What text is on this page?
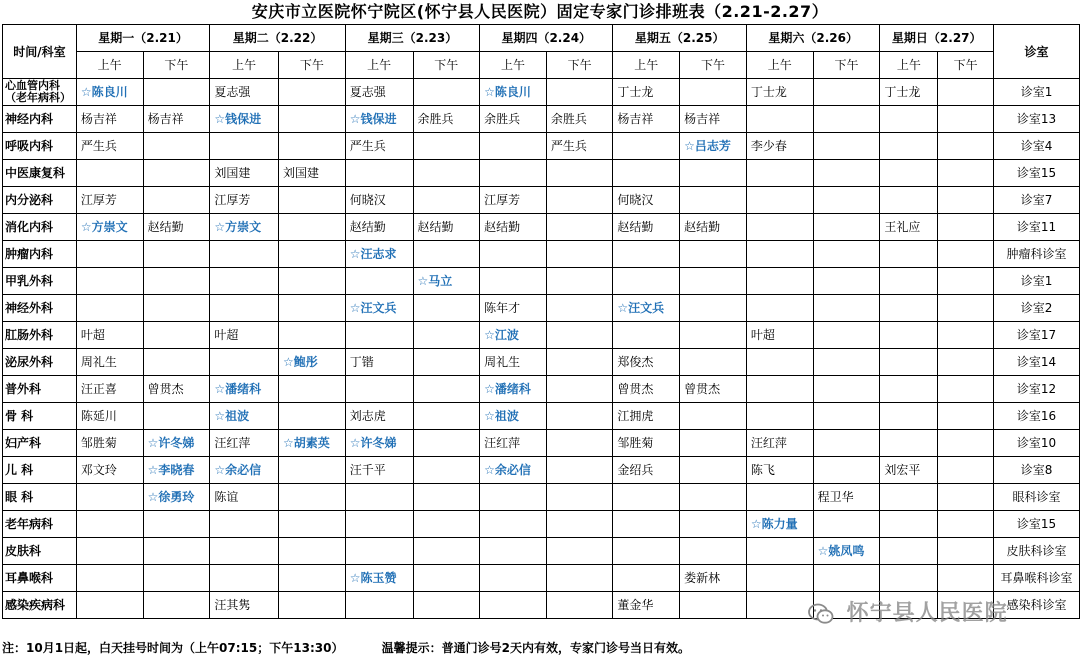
安庆市立医院怀宁院区(怀宁县人民医院）固定专家门诊排班表（2.21-2.27）
时间/科室	星期一（2.21）		星期二（2.22）		星期三（2.23）		星期四（2.24）		星期五（2.25）		星期六（2.26）		星期日（2.27）		诊室
	上午	下午	上午	下午	上午	下午	上午	下午	上午	下午	上午	下午	上午	下午	
心血管内科（老年病科）	☆陈良川		夏志强		夏志强		☆陈良川		丁士龙		丁士龙		丁士龙		诊室1
神经内科	杨吉祥	杨吉祥	☆钱保进		☆钱保进	余胜兵	余胜兵	余胜兵	杨吉祥	杨吉祥					诊室13
呼吸内科	严生兵				严生兵			严生兵		☆吕志芳	李少春				诊室4
中医康复科			刘国建	刘国建											诊室15
内分泌科	江厚芳		江厚芳		何晓汉		江厚芳		何晓汉						诊室7
消化内科	☆方崇文	赵结勤	☆方崇文		赵结勤	赵结勤	赵结勤		赵结勤	赵结勤			王礼应		诊室11
肿瘤内科					☆汪志求										肿瘤科诊室
甲乳外科						☆马立									诊室1
神经外科					☆汪文兵		陈年才		☆汪文兵						诊室2
肛肠外科	叶超		叶超				☆江波				叶超				诊室17
泌尿外科	周礼生			☆鲍彤	丁锴		周礼生		郑俊杰						诊室14
普外科	汪正喜	曾贯杰	☆潘绪科				☆潘绪科		曾贯杰	曾贯杰					诊室12
骨 科	陈延川		☆祖波		刘志虎		☆祖波		江拥虎						诊室16
妇产科	邹胜菊	☆许冬娣	汪红萍	☆胡素英	☆许冬娣		汪红萍		邹胜菊		汪红萍				诊室10
儿 科	邓文玲	☆李晓春	☆余必信		汪千平		☆余必信		金绍兵		陈飞		刘宏平		诊室8
眼 科		☆徐勇玲	陈谊									程卫华			眼科诊室
老年病科											☆陈力量				诊室15
皮肤科												☆姚凤鸣			皮肤科诊室
耳鼻喉科					☆陈玉赞					娄新林					耳鼻喉科诊室
感染疾病科			汪其隽						董金华						感染科诊室
怀宁县人民医院
注：10月1日起，白天挂号时间为（上午07:15；下午13:30）	温馨提示：普通门诊号2天内有效，专家门诊号当日有效。
